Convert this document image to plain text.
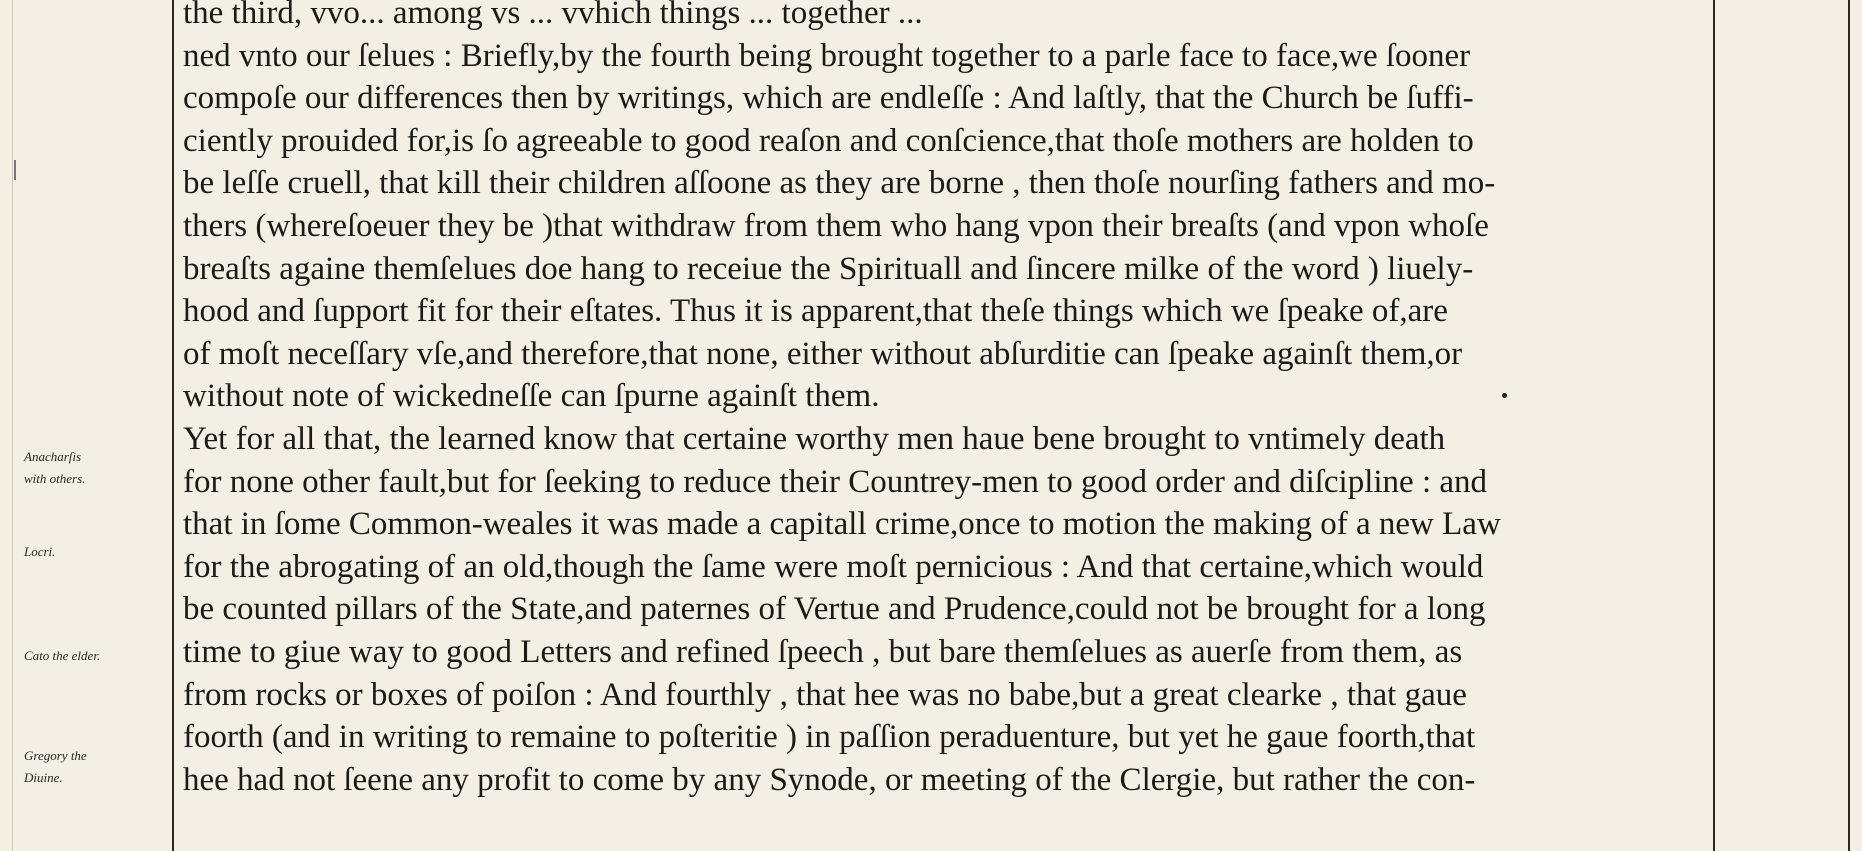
Anacharſis
with others.
Locri.
Cato the elder.
Gregory the
Diuine.
the third, vvo... among vs ... vvhich things ... together ...
ned vnto our ſelues : Briefly,by the fourth being brought together to a parle face to face,we ſooner
compoſe our differences then by writings, which are endleſſe : And laſtly, that the Church be ſuffi-
ciently prouided for,is ſo agreeable to good reaſon and conſcience,that thoſe mothers are holden to
be leſſe cruell, that kill their children aſſoone as they are borne , then thoſe nourſing fathers and mo-
thers (whereſoeuer they be )that withdraw from them who hang vpon their breaſts (and vpon whoſe
breaſts againe themſelues doe hang to receiue the Spirituall and ſincere milke of the word ) liuely-
hood and ſupport fit for their eſtates. Thus it is apparent,that theſe things which we ſpeake of,are
of moſt neceſſary vſe,and therefore,that none, either without abſurditie can ſpeake againſt them,or
without note of wickedneſſe can ſpurne againſt them.
Yet for all that, the learned know that certaine worthy men haue bene brought to vntimely death
for none other fault,but for ſeeking to reduce their Countrey-men to good order and diſcipline : and
that in ſome Common-weales it was made a capitall crime,once to motion the making of a new Law
for the abrogating of an old,though the ſame were moſt pernicious : And that certaine,which would
be counted pillars of the State,and paternes of Vertue and Prudence,could not be brought for a long
time to giue way to good Letters and refined ſpeech , but bare themſelues as auerſe from them, as
from rocks or boxes of poiſon : And fourthly , that hee was no babe,but a great clearke , that gaue
foorth (and in writing to remaine to poſteritie ) in paſſion peraduenture, but yet he gaue foorth,that
hee had not ſeene any profit to come by any Synode, or meeting of the Clergie, but rather the con-
